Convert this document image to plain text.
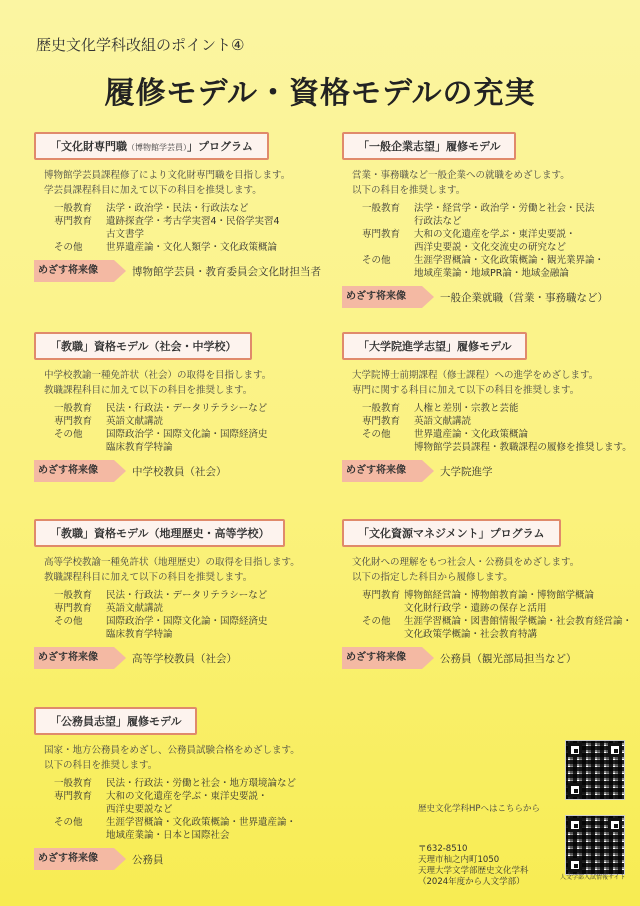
歴史文化学科改組のポイント④
履修モデル・資格モデルの充実
「文化財専門職（博物館学芸員）」プログラム
博物館学芸員課程修了により文化財専門職を目指します。
学芸員課程科目に加えて以下の科目を推奨します。
一般教育	法学・政治学・民法・行政法など
専門教育	遺跡探査学・考古学実習4・民俗学実習4
	古文書学
その他	世界遺産論・文化人類学・文化政策概論
めざす将来像	博物館学芸員・教育委員会文化財担当者
「教職」資格モデル（社会・中学校）
中学校教諭一種免許状（社会）の取得を目指します。
教職課程科目に加えて以下の科目を推奨します。
一般教育	民法・行政法・データリテラシーなど
専門教育	英語文献講読
その他	国際政治学・国際文化論・国際経済史
	臨床教育学特論
めざす将来像	中学校教員（社会）
「教職」資格モデル（地理歴史・高等学校）
高等学校教諭一種免許状（地理歴史）の取得を目指します。
教職課程科目に加えて以下の科目を推奨します。
一般教育	民法・行政法・データリテラシーなど
専門教育	英語文献講読
その他	国際政治学・国際文化論・国際経済史
	臨床教育学特論
めざす将来像	高等学校教員（社会）
「公務員志望」履修モデル
国家・地方公務員をめざし、公務員試験合格をめざします。
以下の科目を推奨します。
一般教育	民法・行政法・労働と社会・地方環境論など
専門教育	大和の文化遺産を学ぶ・東洋史要説・
	西洋史要説など
その他	生涯学習概論・文化政策概論・世界遺産論・
	地域産業論・日本と国際社会
めざす将来像	公務員
「一般企業志望」履修モデル
営業・事務職など一般企業への就職をめざします。
以下の科目を推奨します。
一般教育	法学・経営学・政治学・労働と社会・民法
	行政法など
専門教育	大和の文化遺産を学ぶ・東洋史要説・
	西洋史要説・文化交流史の研究など
その他	生涯学習概論・文化政策概論・観光業界論・
	地域産業論・地域PR論・地域金融論
めざす将来像	一般企業就職（営業・事務職など）
「大学院進学志望」履修モデル
大学院博士前期課程（修士課程）への進学をめざします。
専門に関する科目に加えて以下の科目を推奨します。
一般教育	人権と差別・宗教と芸能
専門教育	英語文献講読
その他	世界遺産論・文化政策概論
	博物館学芸員課程・教職課程の履修を推奨します。
めざす将来像	大学院進学
「文化資源マネジメント」プログラム
文化財への理解をもつ社会人・公務員をめざします。
以下の指定した科目から履修します。
専門教育	博物館経営論・博物館教育論・博物館学概論
	文化財行政学・遺跡の保存と活用
その他	生涯学習概論・図書館情報学概論・社会教育経営論・
	文化政策学概論・社会教育特講
めざす将来像	公務員（観光部局担当など）
歴史文化学科HPへはこちらから
人文学部入試情報サイト
〒632-8510
天理市杣之内町1050
天理大学文学部歴史文化学科
（2024年度から人文学部）
